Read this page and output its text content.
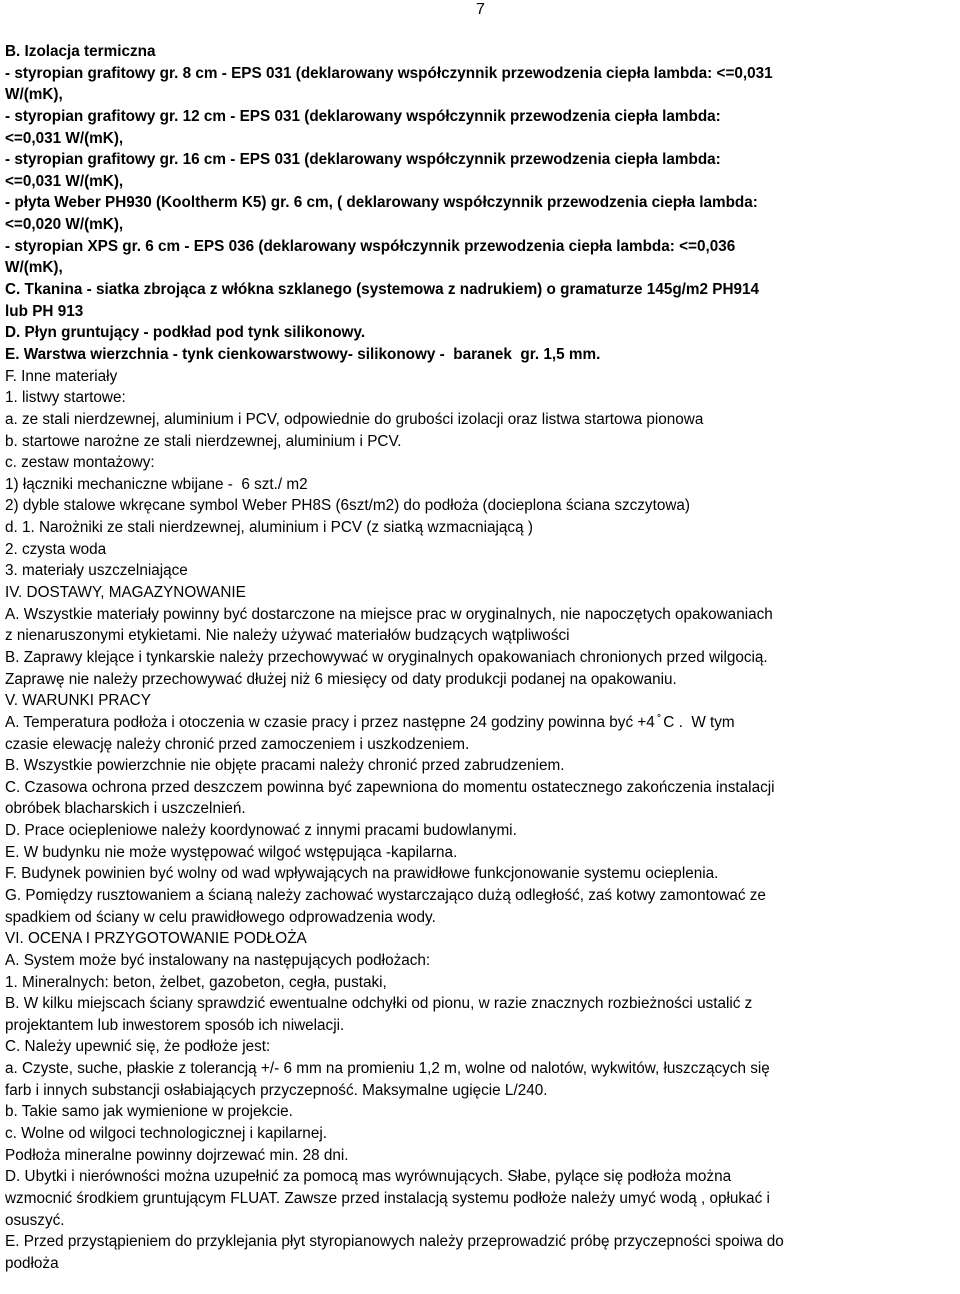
7
B. Izolacja termiczna
- styropian grafitowy gr. 8 cm - EPS 031 (deklarowany współczynnik przewodzenia ciepła lambda: <=0,031
W/(mK),
- styropian grafitowy gr. 12 cm - EPS 031 (deklarowany współczynnik przewodzenia ciepła lambda:
<=0,031 W/(mK),
- styropian grafitowy gr. 16 cm - EPS 031 (deklarowany współczynnik przewodzenia ciepła lambda:
<=0,031 W/(mK),
- płyta Weber PH930 (Kooltherm K5) gr. 6 cm, ( deklarowany współczynnik przewodzenia ciepła lambda:
<=0,020 W/(mK),
- styropian XPS gr. 6 cm - EPS 036 (deklarowany współczynnik przewodzenia ciepła lambda: <=0,036
W/(mK),
C. Tkanina - siatka zbrojąca z włókna szklanego (systemowa z nadrukiem) o gramaturze 145g/m2 PH914
lub PH 913
D. Płyn gruntujący - podkład pod tynk silikonowy.
E. Warstwa wierzchnia - tynk cienkowarstwowy- silikonowy -  baranek  gr. 1,5 mm.
F. Inne materiały
1. listwy startowe:
a. ze stali nierdzewnej, aluminium i PCV, odpowiednie do grubości izolacji oraz listwa startowa pionowa
b. startowe narożne ze stali nierdzewnej, aluminium i PCV.
c. zestaw montażowy:
1) łączniki mechaniczne wbijane -  6 szt./ m2
2) dyble stalowe wkręcane symbol Weber PH8S (6szt/m2) do podłoża (docieplona ściana szczytowa)
d. 1. Narożniki ze stali nierdzewnej, aluminium i PCV (z siatką wzmacniającą )
2. czysta woda
3. materiały uszczelniające
IV. DOSTAWY, MAGAZYNOWANIE
A. Wszystkie materiały powinny być dostarczone na miejsce prac w oryginalnych, nie napoczętych opakowaniach
z nienaruszonymi etykietami. Nie należy używać materiałów budzących wątpliwości
B. Zaprawy klejące i tynkarskie należy przechowywać w oryginalnych opakowaniach chronionych przed wilgocią.
Zaprawę nie należy przechowywać dłużej niż 6 miesięcy od daty produkcji podanej na opakowaniu.
V. WARUNKI PRACY
A. Temperatura podłoża i otoczenia w czasie pracy i przez następne 24 godziny powinna być +4 ̊ C .  W tym
czasie elewację należy chronić przed zamoczeniem i uszkodzeniem.
B. Wszystkie powierzchnie nie objęte pracami należy chronić przed zabrudzeniem.
C. Czasowa ochrona przed deszczem powinna być zapewniona do momentu ostatecznego zakończenia instalacji
obróbek blacharskich i uszczelnień.
D. Prace ociepleniowe należy koordynować z innymi pracami budowlanymi.
E. W budynku nie może występować wilgoć wstępująca -kapilarna.
F. Budynek powinien być wolny od wad wpływających na prawidłowe funkcjonowanie systemu ocieplenia.
G. Pomiędzy rusztowaniem a ścianą należy zachować wystarczająco dużą odległość, zaś kotwy zamontować ze
spadkiem od ściany w celu prawidłowego odprowadzenia wody.
VI. OCENA I PRZYGOTOWANIE PODŁOŻA
A. System może być instalowany na następujących podłożach:
1. Mineralnych: beton, żelbet, gazobeton, cegła, pustaki,
B. W kilku miejscach ściany sprawdzić ewentualne odchyłki od pionu, w razie znacznych rozbieżności ustalić z
projektantem lub inwestorem sposób ich niwelacji.
C. Należy upewnić się, że podłoże jest:
a. Czyste, suche, płaskie z tolerancją +/- 6 mm na promieniu 1,2 m, wolne od nalotów, wykwitów, łuszczących się
farb i innych substancji osłabiających przyczepność. Maksymalne ugięcie L/240.
b. Takie samo jak wymienione w projekcie.
c. Wolne od wilgoci technologicznej i kapilarnej.
Podłoża mineralne powinny dojrzewać min. 28 dni.
D. Ubytki i nierówności można uzupełnić za pomocą mas wyrównujących. Słabe, pylące się podłoża można
wzmocnić środkiem gruntującym FLUAT. Zawsze przed instalacją systemu podłoże należy umyć wodą , opłukać i
osuszyć.
E. Przed przystąpieniem do przyklejania płyt styropianowych należy przeprowadzić próbę przyczepności spoiwa do
podłoża
